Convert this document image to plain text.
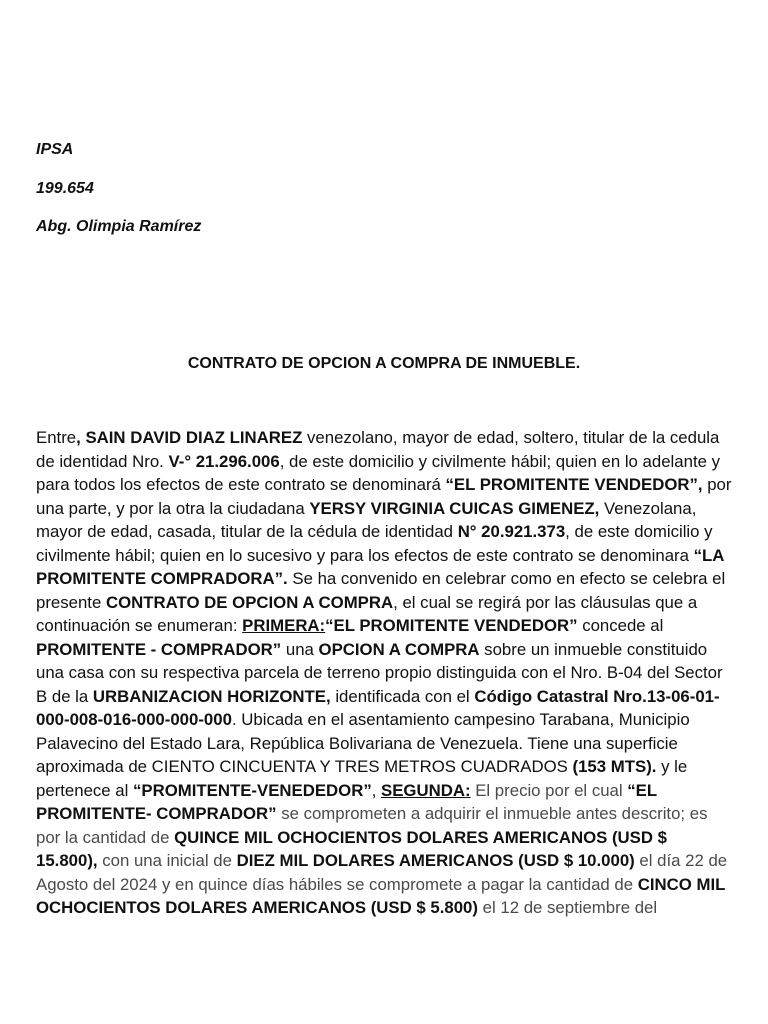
IPSA

199.654

Abg. Olimpia Ramírez

CONTRATO DE OPCION A COMPRA DE INMUEBLE.

Entre, SAIN DAVID DIAZ LINAREZ venezolano, mayor de edad, soltero, titular de la cedula de identidad Nro. V-° 21.296.006, de este domicilio y civilmente hábil; quien en lo adelante y para todos los efectos de este contrato se denominará “EL PROMITENTE VENDEDOR”, por una parte, y por la otra la ciudadana YERSY VIRGINIA CUICAS GIMENEZ, Venezolana, mayor de edad, casada, titular de la cédula de identidad N° 20.921.373, de este domicilio y civilmente hábil; quien en lo sucesivo y para los efectos de este contrato se denominara “LA PROMITENTE COMPRADORA”. Se ha convenido en celebrar como en efecto se celebra el presente CONTRATO DE OPCION A COMPRA, el cual se regirá por las cláusulas que a continuación se enumeran: PRIMERA:“EL PROMITENTE VENDEDOR” concede al PROMITENTE - COMPRADOR” una OPCION A COMPRA sobre un inmueble constituido una casa con su respectiva parcela de terreno propio distinguida con el Nro. B-04 del Sector B de la URBANIZACION HORIZONTE, identificada con el Código Catastral Nro.13-06-01-000-008-016-000-000-000. Ubicada en el asentamiento campesino Tarabana, Municipio Palavecino del Estado Lara, República Bolivariana de Venezuela. Tiene una superficie aproximada de CIENTO CINCUENTA Y TRES METROS CUADRADOS (153 MTS). y le pertenece al “PROMITENTE-VENEDEDOR”, SEGUNDA: El precio por el cual “EL PROMITENTE- COMPRADOR” se comprometen a adquirir el inmueble antes descrito; es por la cantidad de QUINCE MIL OCHOCIENTOS DOLARES AMERICANOS (USD $ 15.800), con una inicial de DIEZ MIL DOLARES AMERICANOS (USD $ 10.000) el día 22 de Agosto del 2024 y en quince días hábiles se compromete a pagar la cantidad de CINCO MIL OCHOCIENTOS DOLARES AMERICANOS (USD $ 5.800) el 12 de septiembre del
